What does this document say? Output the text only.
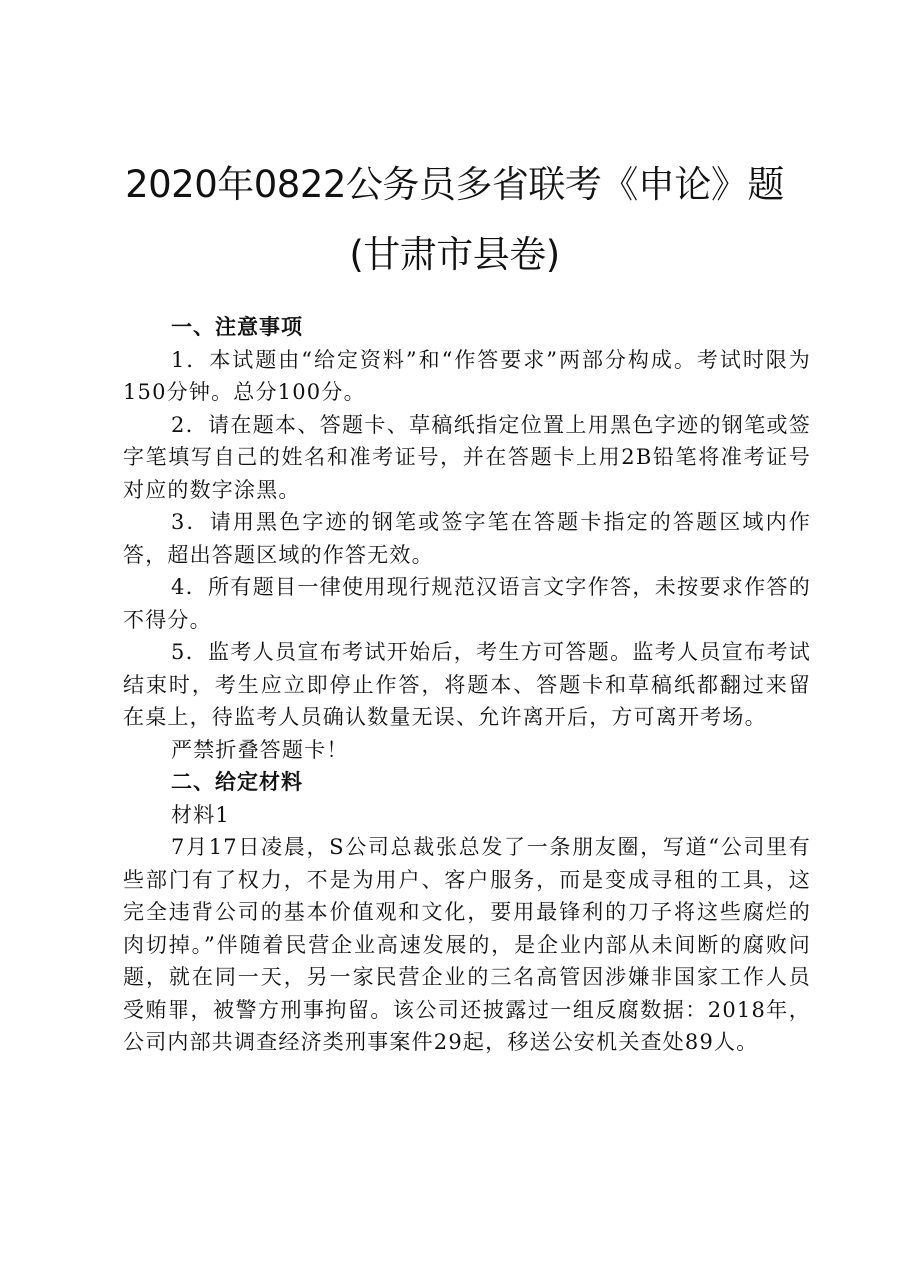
2020年0822公务员多省联考《申论》题
(甘肃市县卷)

一、注意事项

1．本试题由“给定资料”和“作答要求”两部分构成。考试时限为150分钟。总分100分。

2．请在题本、答题卡、草稿纸指定位置上用黑色字迹的钢笔或签字笔填写自己的姓名和准考证号，并在答题卡上用2B铅笔将准考证号对应的数字涂黑。

3．请用黑色字迹的钢笔或签字笔在答题卡指定的答题区域内作答，超出答题区域的作答无效。

4．所有题目一律使用现行规范汉语言文字作答，未按要求作答的不得分。

5．监考人员宣布考试开始后，考生方可答题。监考人员宣布考试结束时，考生应立即停止作答，将题本、答题卡和草稿纸都翻过来留在桌上，待监考人员确认数量无误、允许离开后，方可离开考场。

严禁折叠答题卡！

二、给定材料

材料1

7月17日凌晨，S公司总裁张总发了一条朋友圈，写道“公司里有些部门有了权力，不是为用户、客户服务，而是变成寻租的工具，这完全违背公司的基本价值观和文化，要用最锋利的刀子将这些腐烂的肉切掉。”伴随着民营企业高速发展的，是企业内部从未间断的腐败问题，就在同一天，另一家民营企业的三名高管因涉嫌非国家工作人员受贿罪，被警方刑事拘留。该公司还披露过一组反腐数据：2018年，公司内部共调查经济类刑事案件29起，移送公安机关查处89人。
